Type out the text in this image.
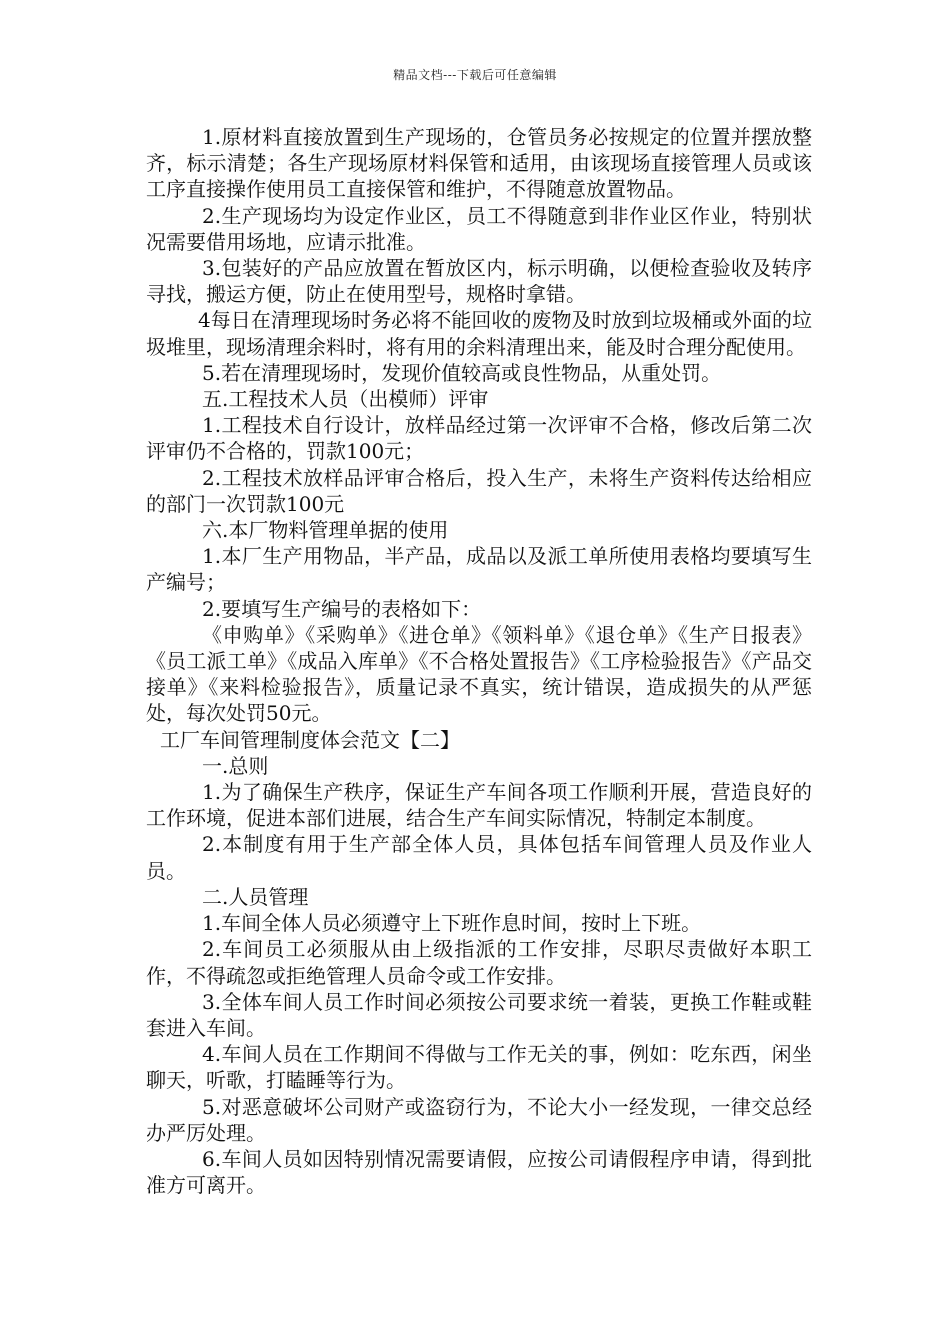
精品文档---下载后可任意编辑

1.原材料直接放置到生产现场的，仓管员务必按规定的位置并摆放整齐，标示清楚；各生产现场原材料保管和适用，由该现场直接管理人员或该工序直接操作使用员工直接保管和维护，不得随意放置物品。

2.生产现场均为设定作业区，员工不得随意到非作业区作业，特别状况需要借用场地，应请示批准。

3.包装好的产品应放置在暂放区内，标示明确，以便检查验收及转序寻找，搬运方便，防止在使用型号，规格时拿错。

4每日在清理现场时务必将不能回收的废物及时放到垃圾桶或外面的垃圾堆里，现场清理余料时，将有用的余料清理出来，能及时合理分配使用。

5.若在清理现场时，发现价值较高或良性物品，从重处罚。

五.工程技术人员（出模师）评审

1.工程技术自行设计，放样品经过第一次评审不合格，修改后第二次评审仍不合格的，罚款100元；

2.工程技术放样品评审合格后，投入生产，未将生产资料传达给相应的部门一次罚款100元

六.本厂物料管理单据的使用

1.本厂生产用物品，半产品，成品以及派工单所使用表格均要填写生产编号；

2.要填写生产编号的表格如下：

《申购单》《采购单》《进仓单》《领料单》《退仓单》《生产日报表》《员工派工单》《成品入库单》《不合格处置报告》《工序检验报告》《产品交接单》《来料检验报告》，质量记录不真实，统计错误，造成损失的从严惩处，每次处罚50元。

工厂车间管理制度体会范文【二】

一.总则

1.为了确保生产秩序，保证生产车间各项工作顺利开展，营造良好的工作环境，促进本部们进展，结合生产车间实际情况，特制定本制度。

2.本制度有用于生产部全体人员，具体包括车间管理人员及作业人员。

二.人员管理

1.车间全体人员必须遵守上下班作息时间，按时上下班。

2.车间员工必须服从由上级指派的工作安排，尽职尽责做好本职工作，不得疏忽或拒绝管理人员命令或工作安排。

3.全体车间人员工作时间必须按公司要求统一着装，更换工作鞋或鞋套进入车间。

4.车间人员在工作期间不得做与工作无关的事，例如：吃东西，闲坐聊天，听歌，打瞌睡等行为。

5.对恶意破坏公司财产或盗窃行为，不论大小一经发现，一律交总经办严厉处理。

6.车间人员如因特别情况需要请假，应按公司请假程序申请，得到批准方可离开。
